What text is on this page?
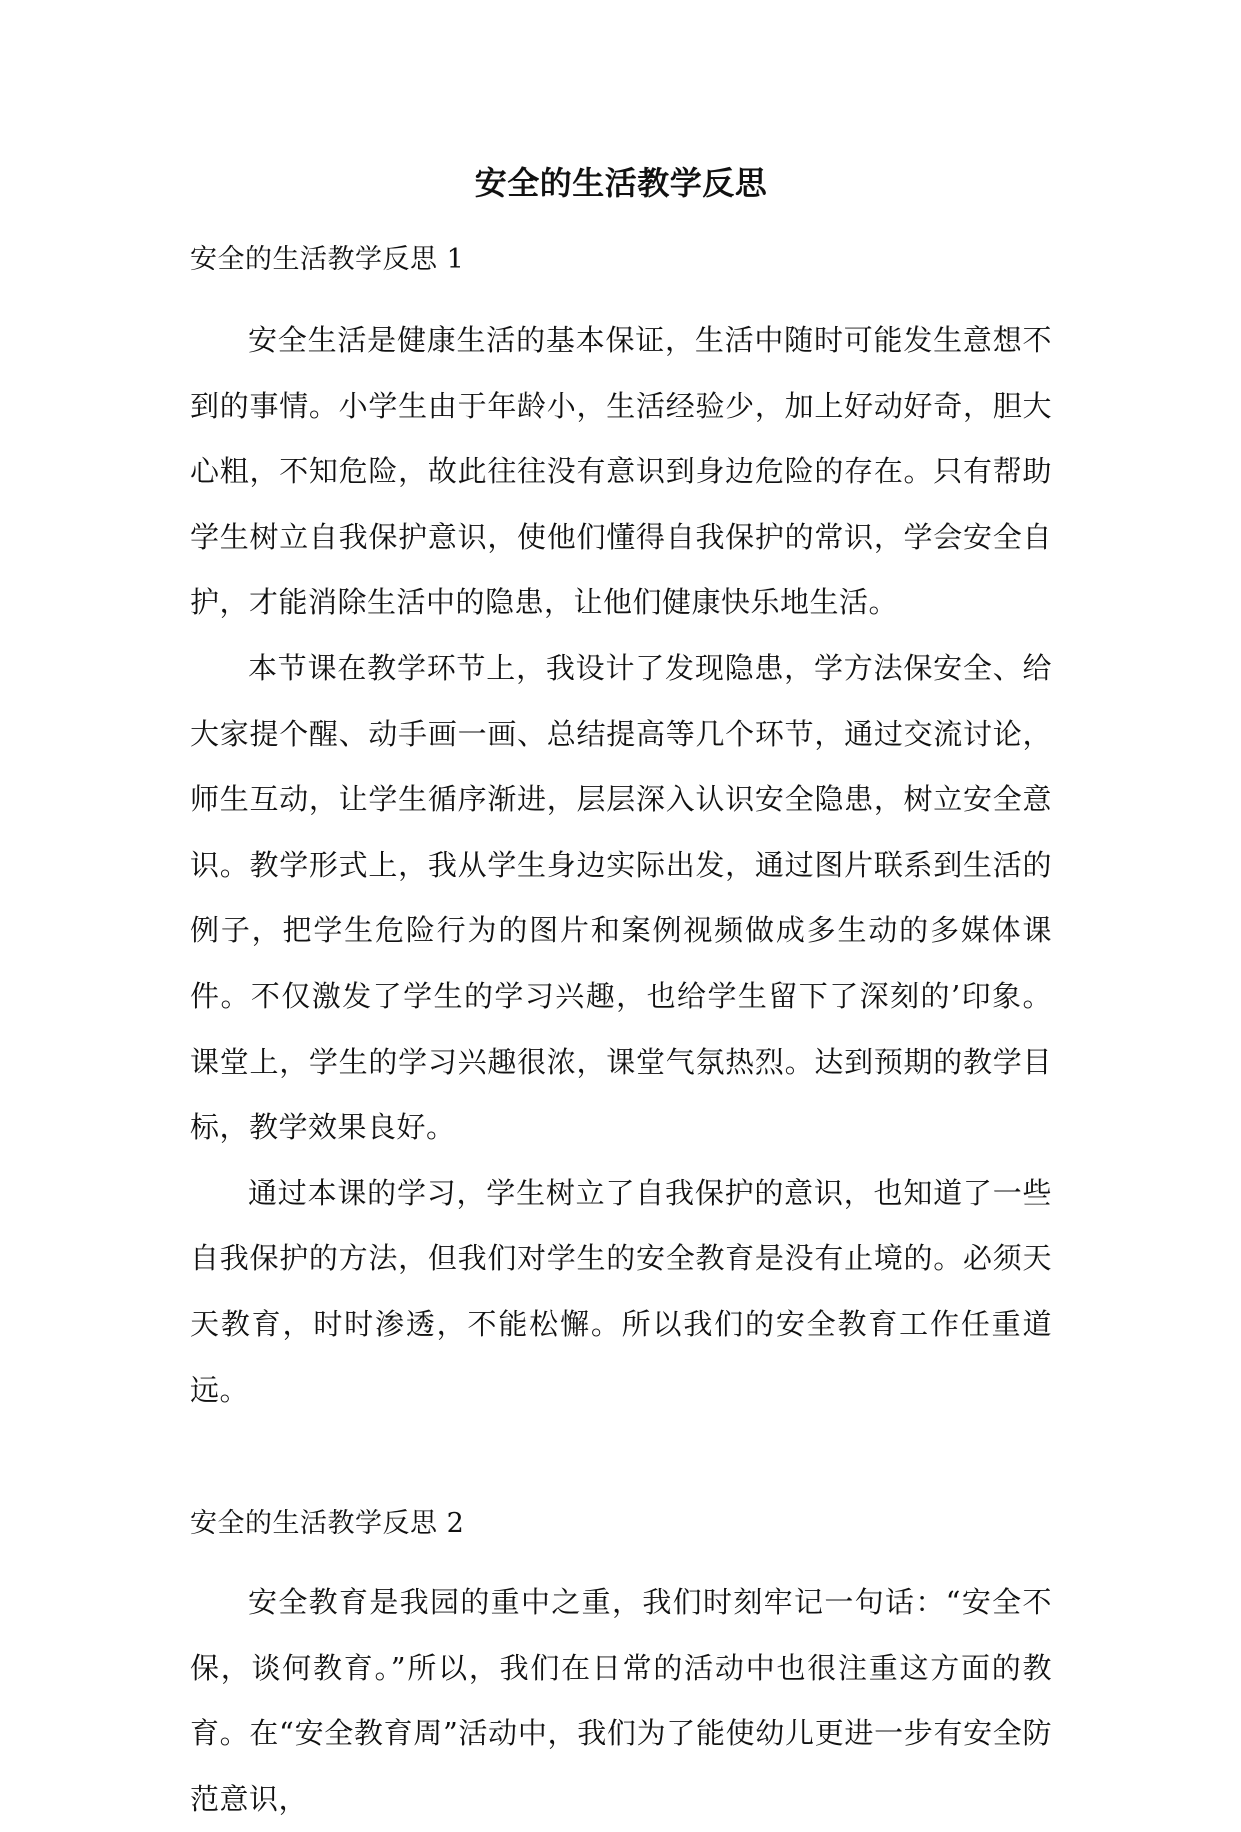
安全的生活教学反思
安全的生活教学反思 1

安全生活是健康生活的基本保证，生活中随时可能发生意想不到的事情。小学生由于年龄小，生活经验少，加上好动好奇，胆大心粗，不知危险，故此往往没有意识到身边危险的存在。只有帮助学生树立自我保护意识，使他们懂得自我保护的常识，学会安全自护，才能消除生活中的隐患，让他们健康快乐地生活。

本节课在教学环节上，我设计了发现隐患，学方法保安全、给大家提个醒、动手画一画、总结提高等几个环节，通过交流讨论，师生互动，让学生循序渐进，层层深入认识安全隐患，树立安全意识。教学形式上，我从学生身边实际出发，通过图片联系到生活的例子，把学生危险行为的图片和案例视频做成多生动的多媒体课件。不仅激发了学生的学习兴趣，也给学生留下了深刻的’印象。课堂上，学生的学习兴趣很浓，课堂气氛热烈。达到预期的教学目标，教学效果良好。

通过本课的学习，学生树立了自我保护的意识，也知道了一些自我保护的方法，但我们对学生的安全教育是没有止境的。必须天天教育，时时渗透，不能松懈。所以我们的安全教育工作任重道远。

安全的生活教学反思 2

安全教育是我园的重中之重，我们时刻牢记一句话：“安全不保，谈何教育。”所以，我们在日常的活动中也很注重这方面的教育。在“安全教育周”活动中，我们为了能使幼儿更进一步有安全防范意识，
